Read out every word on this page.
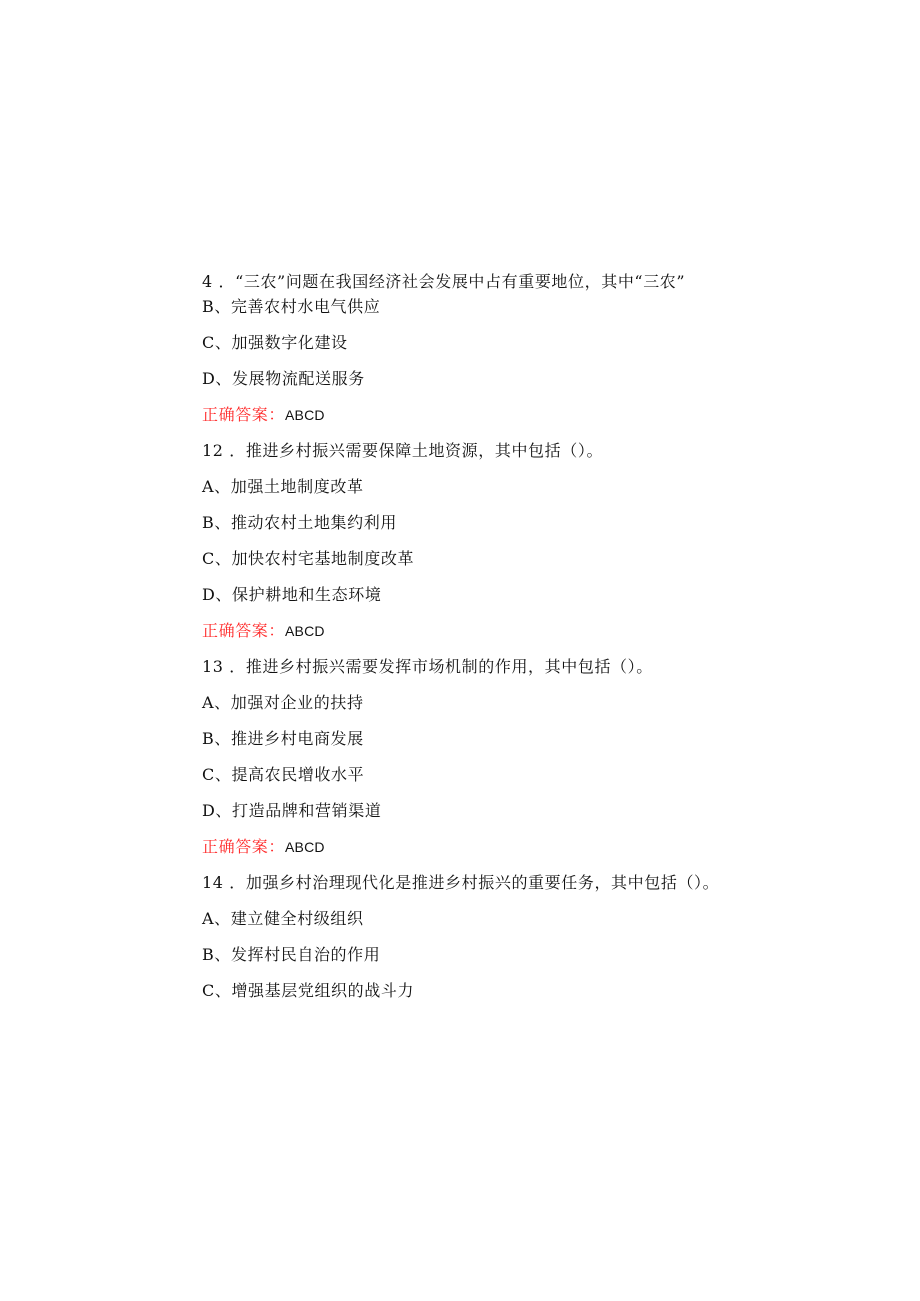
4 ．“三农”问题在我国经济社会发展中占有重要地位，其中“三农”
B、完善农村水电气供应
C、加强数字化建设
D、发展物流配送服务
正确答案：ABCD
12 ．推进乡村振兴需要保障土地资源，其中包括（）。
A、加强土地制度改革
B、推动农村土地集约利用
C、加快农村宅基地制度改革
D、保护耕地和生态环境
正确答案：ABCD
13 ．推进乡村振兴需要发挥市场机制的作用，其中包括（）。
A、加强对企业的扶持
B、推进乡村电商发展
C、提高农民增收水平
D、打造品牌和营销渠道
正确答案：ABCD
14 ．加强乡村治理现代化是推进乡村振兴的重要任务，其中包括（）。
A、建立健全村级组织
B、发挥村民自治的作用
C、增强基层党组织的战斗力
